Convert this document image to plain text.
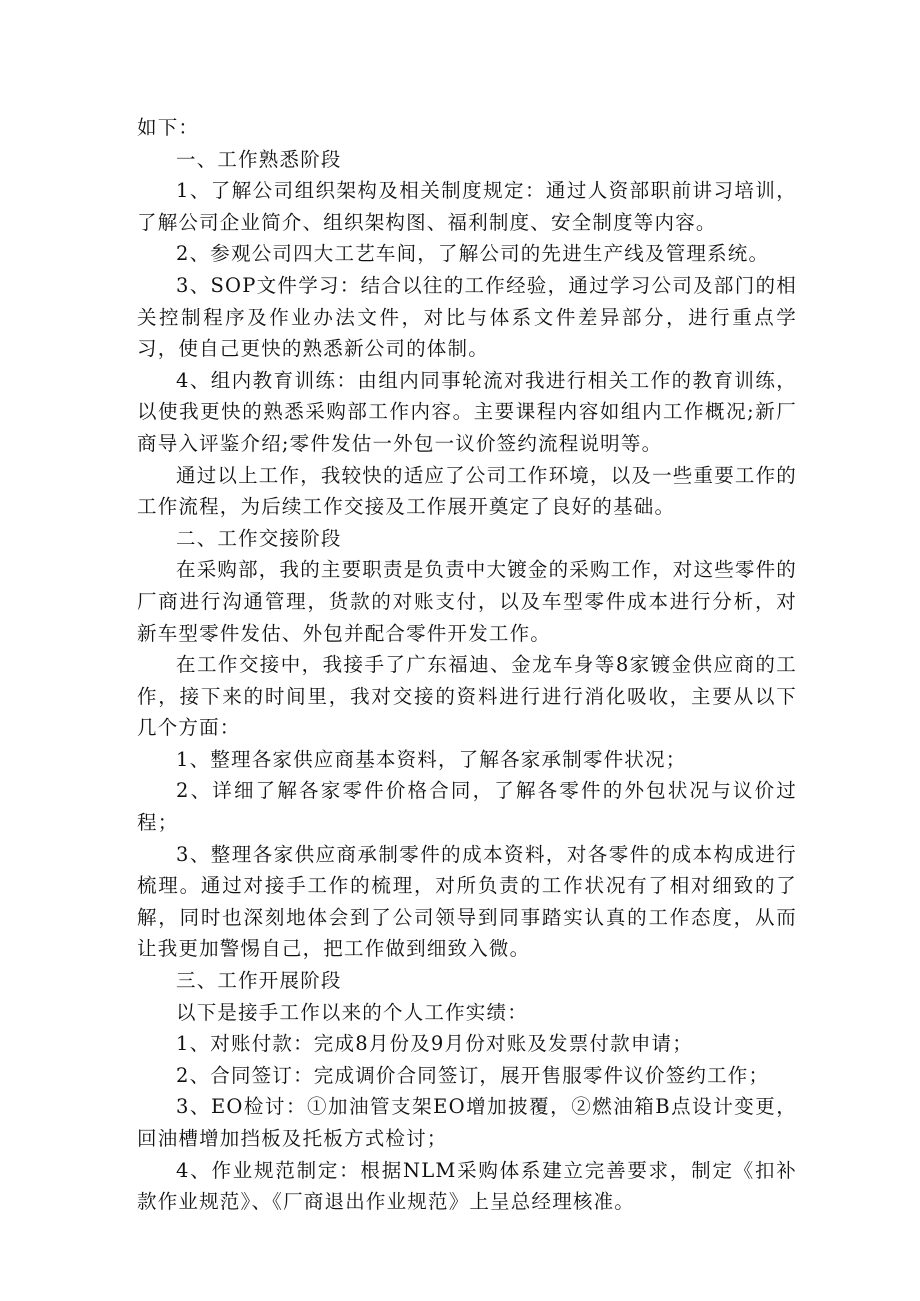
如下：

一、工作熟悉阶段

1、了解公司组织架构及相关制度规定：通过人资部职前讲习培训，了解公司企业简介、组织架构图、福利制度、安全制度等内容。

2、参观公司四大工艺车间，了解公司的先进生产线及管理系统。

3、SOP文件学习：结合以往的工作经验，通过学习公司及部门的相关控制程序及作业办法文件，对比与体系文件差异部分，进行重点学习，使自己更快的熟悉新公司的体制。

4、组内教育训练：由组内同事轮流对我进行相关工作的教育训练，以使我更快的熟悉采购部工作内容。主要课程内容如组内工作概况;新厂商导入评鉴介绍;零件发估一外包一议价签约流程说明等。

通过以上工作，我较快的适应了公司工作环境，以及一些重要工作的工作流程，为后续工作交接及工作展开奠定了良好的基础。

二、工作交接阶段

在采购部，我的主要职责是负责中大镀金的采购工作，对这些零件的厂商进行沟通管理，货款的对账支付，以及车型零件成本进行分析，对新车型零件发估、外包并配合零件开发工作。

在工作交接中，我接手了广东福迪、金龙车身等8家镀金供应商的工作，接下来的时间里，我对交接的资料进行进行消化吸收，主要从以下几个方面：

1、整理各家供应商基本资料，了解各家承制零件状况；

2、详细了解各家零件价格合同，了解各零件的外包状况与议价过程；

3、整理各家供应商承制零件的成本资料，对各零件的成本构成进行梳理。通过对接手工作的梳理，对所负责的工作状况有了相对细致的了解，同时也深刻地体会到了公司领导到同事踏实认真的工作态度，从而让我更加警惕自己，把工作做到细致入微。

三、工作开展阶段

以下是接手工作以来的个人工作实绩：

1、对账付款：完成8月份及9月份对账及发票付款申请；

2、合同签订：完成调价合同签订，展开售服零件议价签约工作；

3、EO检讨：①加油管支架EO增加披覆，②燃油箱B点设计变更，回油槽增加挡板及托板方式检讨；

4、作业规范制定：根据NLM采购体系建立完善要求，制定《扣补款作业规范》、《厂商退出作业规范》上呈总经理核准。
